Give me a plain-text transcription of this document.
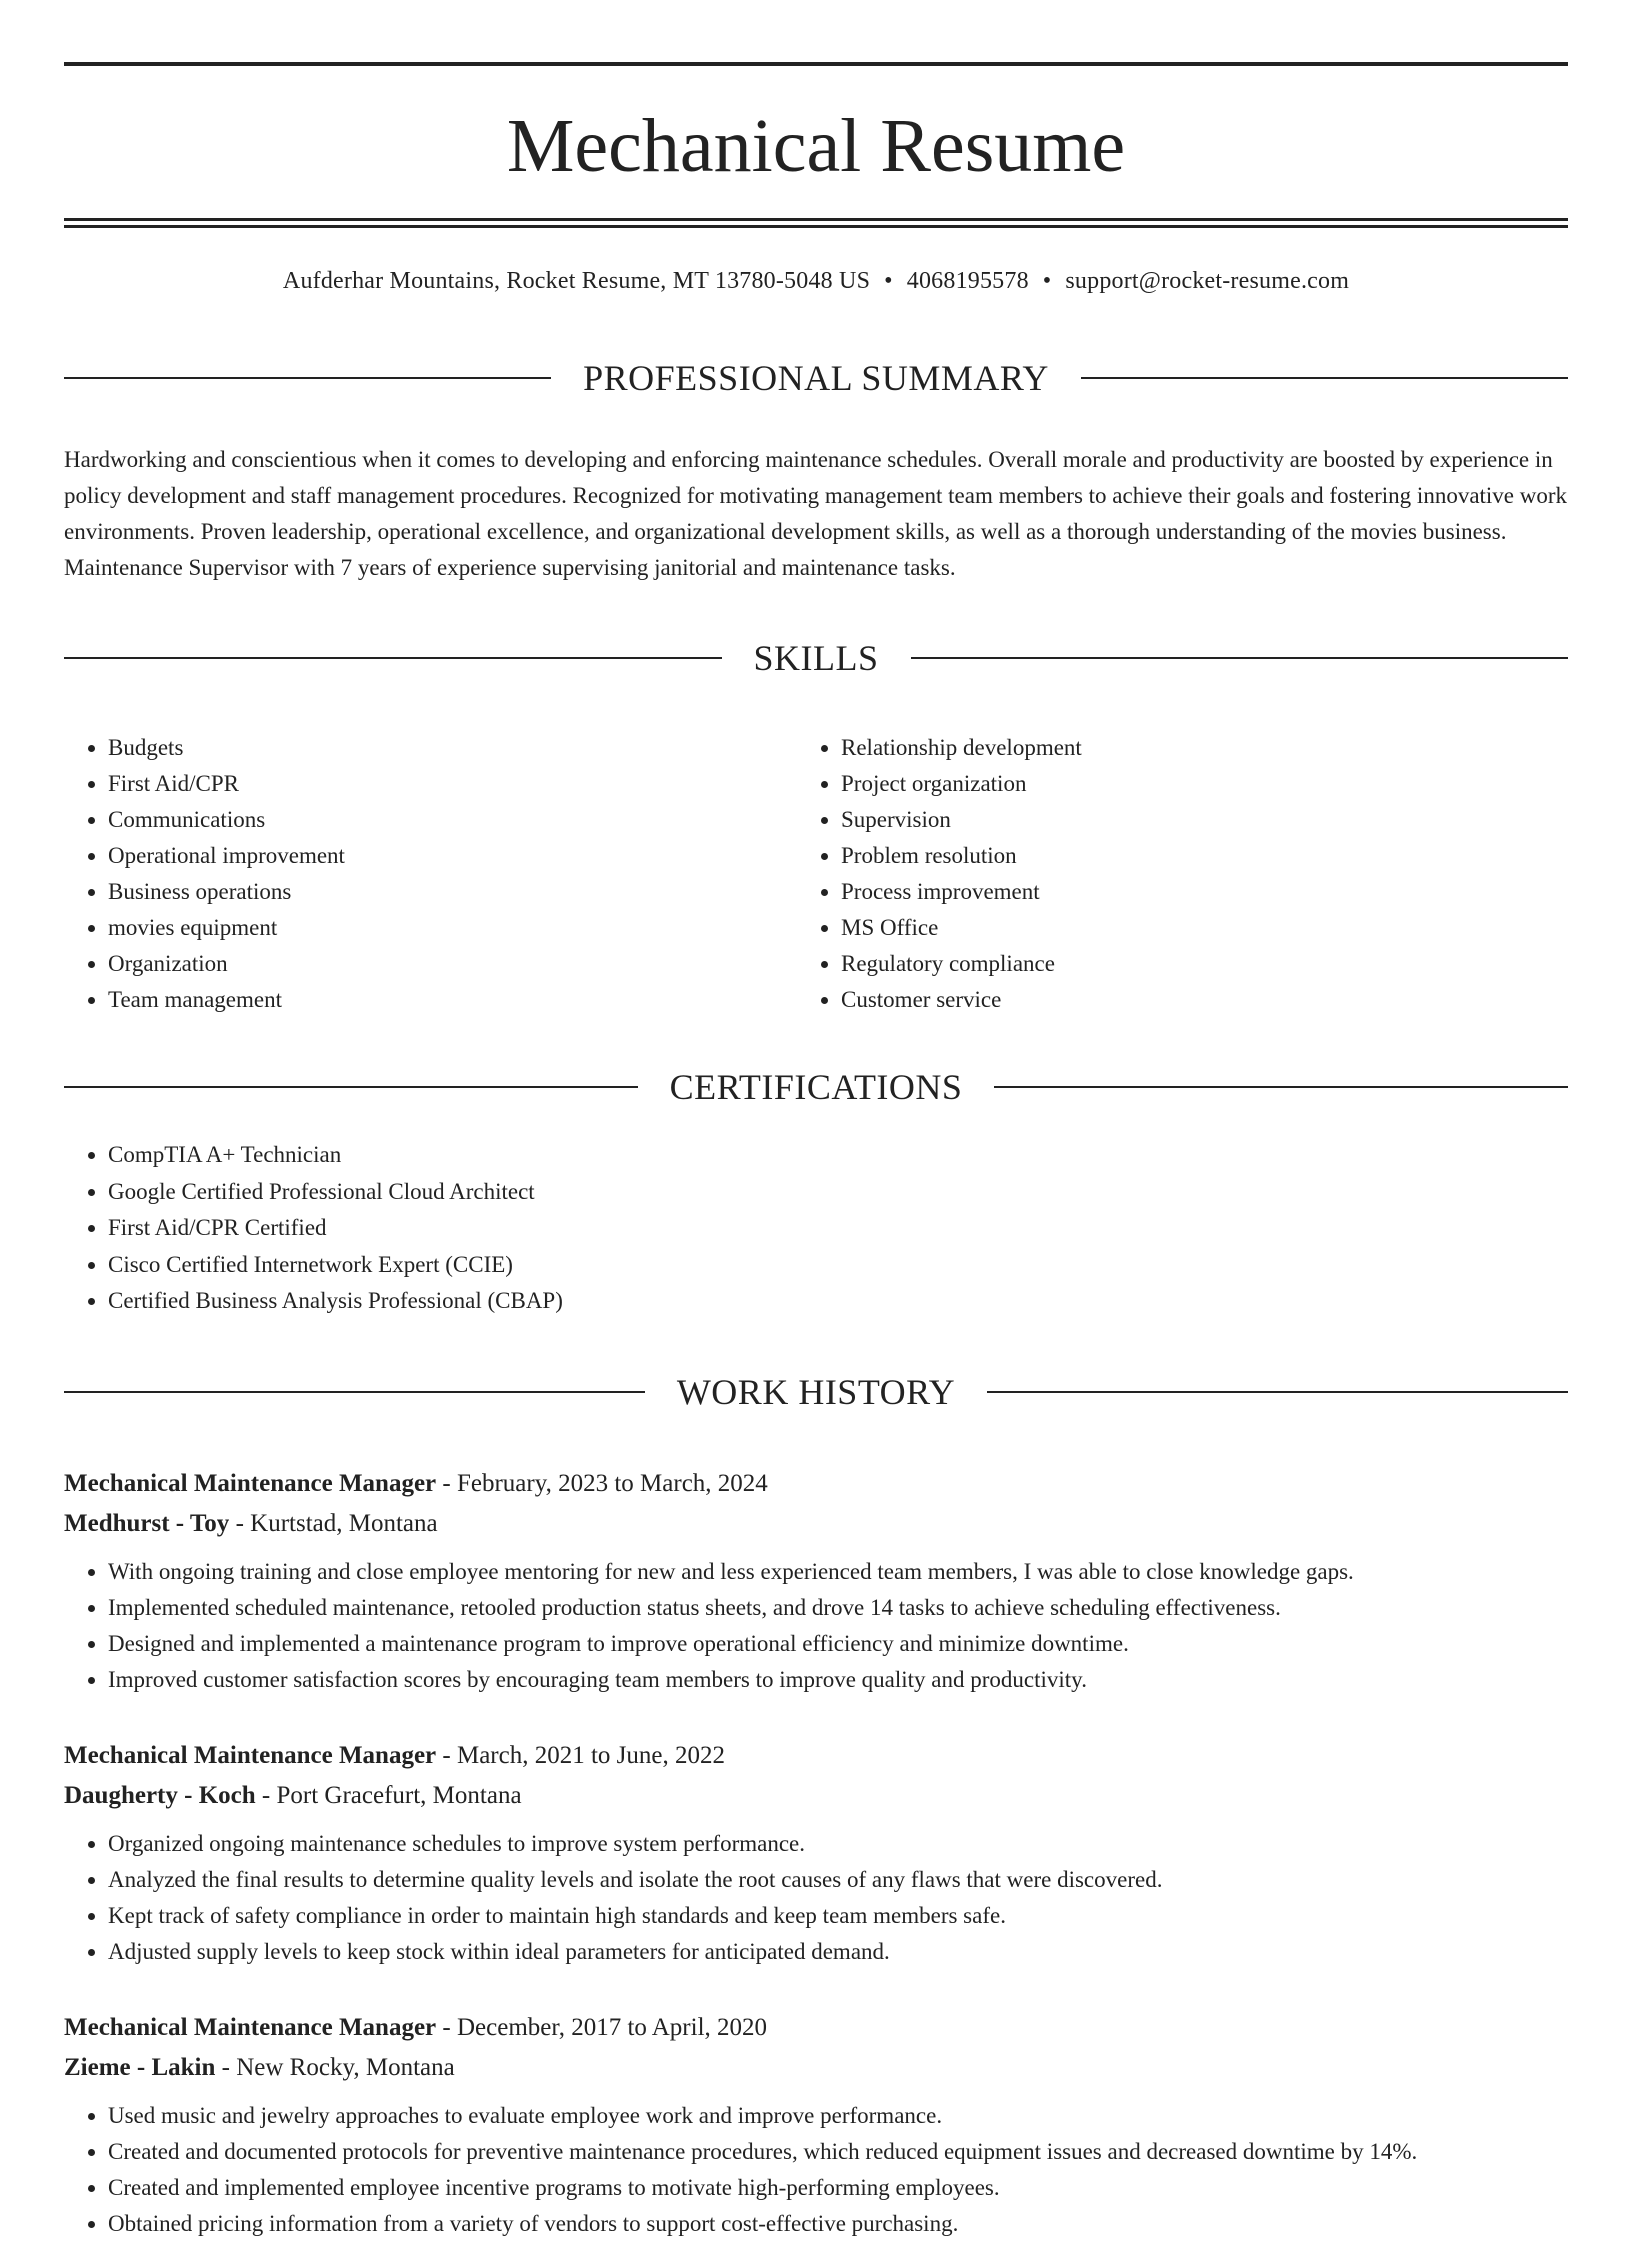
Mechanical Resume
Aufderhar Mountains, Rocket Resume, MT 13780-5048 US • 4068195578 • support@rocket-resume.com
PROFESSIONAL SUMMARY

Hardworking and conscientious when it comes to developing and enforcing maintenance schedules. Overall morale and productivity are boosted by experience in policy development and staff management procedures. Recognized for motivating management team members to achieve their goals and fostering innovative work environments. Proven leadership, operational excellence, and organizational development skills, as well as a thorough understanding of the movies business. Maintenance Supervisor with 7 years of experience supervising janitorial and maintenance tasks.

SKILLS
• Budgets
• First Aid/CPR
• Communications
• Operational improvement
• Business operations
• movies equipment
• Organization
• Team management
• Relationship development
• Project organization
• Supervision
• Problem resolution
• Process improvement
• MS Office
• Regulatory compliance
• Customer service
CERTIFICATIONS
• CompTIA A+ Technician
• Google Certified Professional Cloud Architect
• First Aid/CPR Certified
• Cisco Certified Internetwork Expert (CCIE)
• Certified Business Analysis Professional (CBAP)
WORK HISTORY
Mechanical Maintenance Manager - February, 2023 to March, 2024
Medhurst - Toy - Kurtstad, Montana
• With ongoing training and close employee mentoring for new and less experienced team members, I was able to close knowledge gaps.
• Implemented scheduled maintenance, retooled production status sheets, and drove 14 tasks to achieve scheduling effectiveness.
• Designed and implemented a maintenance program to improve operational efficiency and minimize downtime.
• Improved customer satisfaction scores by encouraging team members to improve quality and productivity.
Mechanical Maintenance Manager - March, 2021 to June, 2022
Daugherty - Koch - Port Gracefurt, Montana
• Organized ongoing maintenance schedules to improve system performance.
• Analyzed the final results to determine quality levels and isolate the root causes of any flaws that were discovered.
• Kept track of safety compliance in order to maintain high standards and keep team members safe.
• Adjusted supply levels to keep stock within ideal parameters for anticipated demand.
Mechanical Maintenance Manager - December, 2017 to April, 2020
Zieme - Lakin - New Rocky, Montana
• Used music and jewelry approaches to evaluate employee work and improve performance.
• Created and documented protocols for preventive maintenance procedures, which reduced equipment issues and decreased downtime by 14%.
• Created and implemented employee incentive programs to motivate high-performing employees.
• Obtained pricing information from a variety of vendors to support cost-effective purchasing.
